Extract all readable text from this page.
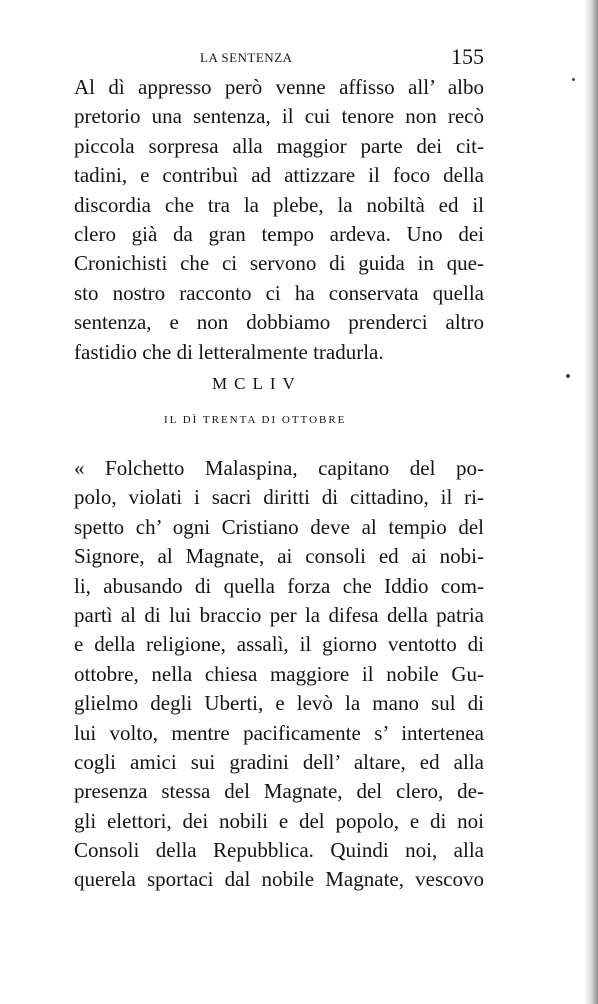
LA SENTENZA	155
Al dì appresso però venne affisso all’ albo
pretorio una sentenza, il cui tenore non recò
piccola sorpresa alla maggior parte dei cit-
tadini, e contribuì ad attizzare il foco della
discordia che tra la plebe, la nobiltà ed il
clero già da gran tempo ardeva. Uno dei
Cronichisti che ci servono di guida in que-
sto nostro racconto ci ha conservata quella
sentenza, e non dobbiamo prenderci altro
fastidio che di letteralmente tradurla.
MCLIV
IL DÌ TRENTA DI OTTOBRE
« Folchetto Malaspina, capitano del po-
polo, violati i sacri diritti di cittadino, il ri-
spetto ch’ ogni Cristiano deve al tempio del
Signore, al Magnate, ai consoli ed ai nobi-
li, abusando di quella forza che Iddio com-
partì al di lui braccio per la difesa della patria
e della religione, assalì, il giorno ventotto di
ottobre, nella chiesa maggiore il nobile Gu-
glielmo degli Uberti, e levò la mano sul di
lui volto, mentre pacificamente s’ intertenea
cogli amici sui gradini dell’ altare, ed alla
presenza stessa del Magnate, del clero, de-
gli elettori, dei nobili e del popolo, e di noi
Consoli della Repubblica. Quindi noi, alla
querela sportaci dal nobile Magnate, vescovo
